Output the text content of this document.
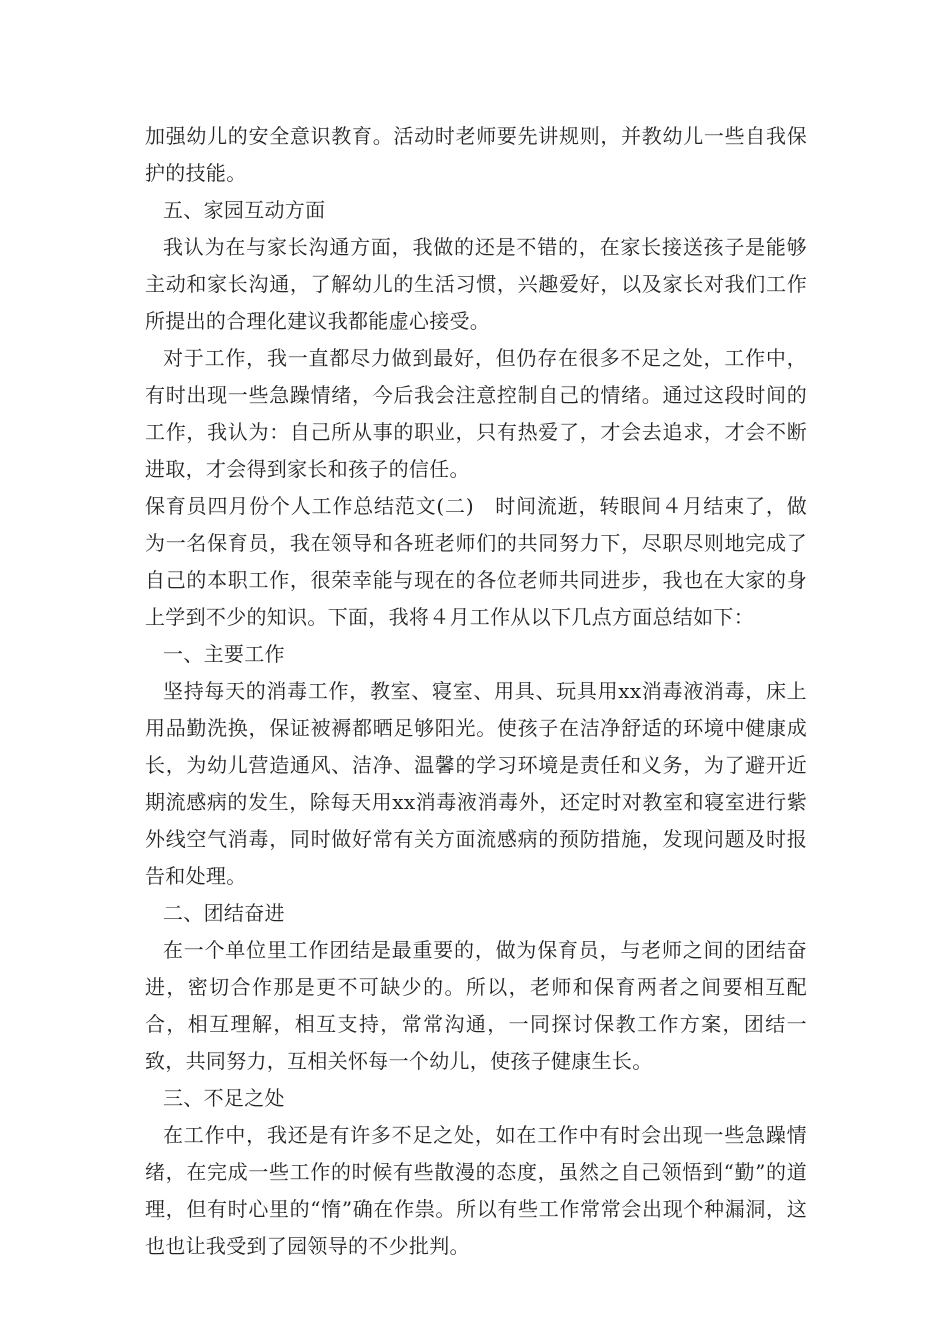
加强幼儿的安全意识教育。活动时老师要先讲规则，并教幼儿一些自我保护的技能。

五、家园互动方面

我认为在与家长沟通方面，我做的还是不错的，在家长接送孩子是能够主动和家长沟通，了解幼儿的生活习惯，兴趣爱好，以及家长对我们工作所提出的合理化建议我都能虚心接受。

对于工作，我一直都尽力做到最好，但仍存在很多不足之处，工作中，有时出现一些急躁情绪，今后我会注意控制自己的情绪。通过这段时间的工作，我认为：自己所从事的职业，只有热爱了，才会去追求，才会不断进取，才会得到家长和孩子的信任。

保育员四月份个人工作总结范文(二)　时间流逝，转眼间４月结束了，做为一名保育员，我在领导和各班老师们的共同努力下，尽职尽则地完成了自己的本职工作，很荣幸能与现在的各位老师共同进步，我也在大家的身上学到不少的知识。下面，我将４月工作从以下几点方面总结如下：

一、主要工作

坚持每天的消毒工作，教室、寝室、用具、玩具用xx消毒液消毒，床上用品勤洗换，保证被褥都晒足够阳光。使孩子在洁净舒适的环境中健康成长，为幼儿营造通风、洁净、温馨的学习环境是责任和义务，为了避开近期流感病的发生，除每天用xx消毒液消毒外，还定时对教室和寝室进行紫外线空气消毒，同时做好常有关方面流感病的预防措施，发现问题及时报告和处理。

二、团结奋进

在一个单位里工作团结是最重要的，做为保育员，与老师之间的团结奋进，密切合作那是更不可缺少的。所以，老师和保育两者之间要相互配合，相互理解，相互支持，常常沟通，一同探讨保教工作方案，团结一致，共同努力，互相关怀每一个幼儿，使孩子健康生长。

三、不足之处

在工作中，我还是有许多不足之处，如在工作中有时会出现一些急躁情绪，在完成一些工作的时候有些散漫的态度，虽然之自己领悟到“勤”的道理，但有时心里的“惰”确在作祟。所以有些工作常常会出现个种漏洞，这也也让我受到了园领导的不少批判。
